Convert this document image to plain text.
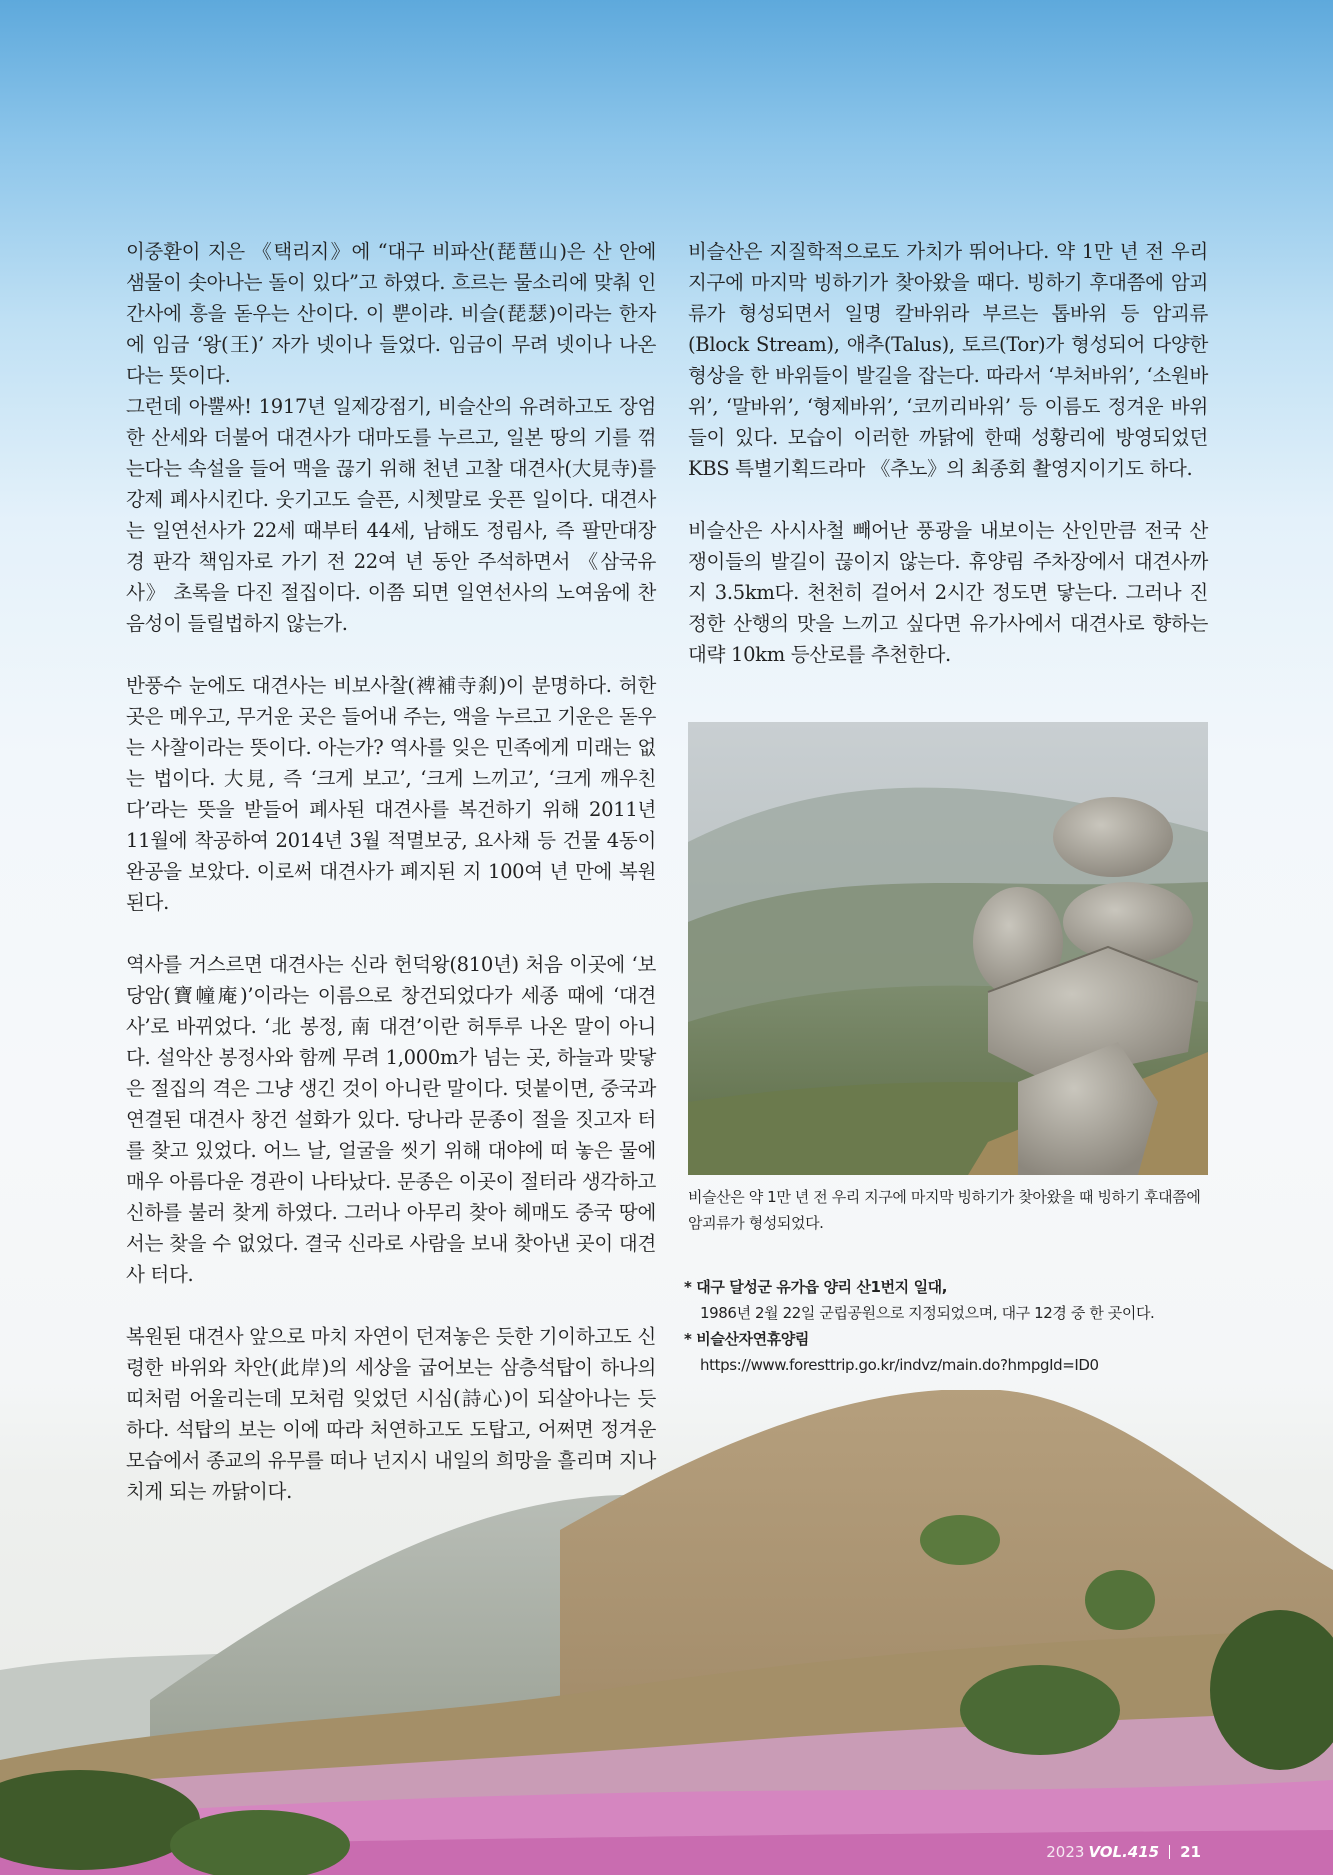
이중환이 지은 《택리지》에 “대구 비파산(琵琶山)은 산 안에 샘물이 솟아나는 돌이 있다”고 하였다. 흐르는 물소리에 맞춰 인간사에 흥을 돋우는 산이다. 이 뿐이랴. 비슬(琵瑟)이라는 한자에 임금 ‘왕(王)’ 자가 넷이나 들었다. 임금이 무려 넷이나 나온다는 뜻이다.

그런데 아뿔싸! 1917년 일제강점기, 비슬산의 유려하고도 장엄한 산세와 더불어 대견사가 대마도를 누르고, 일본 땅의 기를 꺾는다는 속설을 들어 맥을 끊기 위해 천년 고찰 대견사(大見寺)를 강제 폐사시킨다. 웃기고도 슬픈, 시쳇말로 웃픈 일이다. 대견사는 일연선사가 22세 때부터 44세, 남해도 정림사, 즉 팔만대장경 판각 책임자로 가기 전 22여 년 동안 주석하면서 《삼국유사》 초록을 다진 절집이다. 이쯤 되면 일연선사의 노여움에 찬 음성이 들릴법하지 않는가.

반풍수 눈에도 대견사는 비보사찰(裨補寺刹)이 분명하다. 허한 곳은 메우고, 무거운 곳은 들어내 주는, 액을 누르고 기운은 돋우는 사찰이라는 뜻이다. 아는가? 역사를 잊은 민족에게 미래는 없는 법이다. 大見, 즉 ‘크게 보고’, ‘크게 느끼고’, ‘크게 깨우친다’라는 뜻을 받들어 폐사된 대견사를 복건하기 위해 2011년 11월에 착공하여 2014년 3월 적멸보궁, 요사채 등 건물 4동이 완공을 보았다. 이로써 대견사가 폐지된 지 100여 년 만에 복원된다.

역사를 거스르면 대견사는 신라 헌덕왕(810년) 처음 이곳에 ‘보당암(寶幢庵)’이라는 이름으로 창건되었다가 세종 때에 ‘대견사’로 바뀌었다. ‘北 봉정, 南 대견’이란 허투루 나온 말이 아니다. 설악산 봉정사와 함께 무려 1,000m가 넘는 곳, 하늘과 맞닿은 절집의 격은 그냥 생긴 것이 아니란 말이다. 덧붙이면, 중국과 연결된 대견사 창건 설화가 있다. 당나라 문종이 절을 짓고자 터를 찾고 있었다. 어느 날, 얼굴을 씻기 위해 대야에 떠 놓은 물에 매우 아름다운 경관이 나타났다. 문종은 이곳이 절터라 생각하고 신하를 불러 찾게 하였다. 그러나 아무리 찾아 헤매도 중국 땅에서는 찾을 수 없었다. 결국 신라로 사람을 보내 찾아낸 곳이 대견사 터다.

복원된 대견사 앞으로 마치 자연이 던져놓은 듯한 기이하고도 신령한 바위와 차안(此岸)의 세상을 굽어보는 삼층석탑이 하나의 띠처럼 어울리는데 모처럼 잊었던 시심(詩心)이 되살아나는 듯하다. 석탑의 보는 이에 따라 처연하고도 도탑고, 어쩌면 정겨운 모습에서 종교의 유무를 떠나 넌지시 내일의 희망을 흘리며 지나치게 되는 까닭이다.

비슬산은 지질학적으로도 가치가 뛰어나다. 약 1만 년 전 우리 지구에 마지막 빙하기가 찾아왔을 때다. 빙하기 후대쯤에 암괴류가 형성되면서 일명 칼바위라 부르는 톱바위 등 암괴류(Block Stream), 애추(Talus), 토르(Tor)가 형성되어 다양한 형상을 한 바위들이 발길을 잡는다. 따라서 ‘부처바위’, ‘소원바위’, ‘말바위’, ‘형제바위’, ‘코끼리바위’ 등 이름도 정겨운 바위들이 있다. 모습이 이러한 까닭에 한때 성황리에 방영되었던 KBS 특별기획드라마 《추노》의 최종회 촬영지이기도 하다.

비슬산은 사시사철 빼어난 풍광을 내보이는 산인만큼 전국 산쟁이들의 발길이 끊이지 않는다. 휴양림 주차장에서 대견사까지 3.5km다. 천천히 걸어서 2시간 정도면 닿는다. 그러나 진정한 산행의 맛을 느끼고 싶다면 유가사에서 대견사로 향하는 대략 10km 등산로를 추천한다.

비슬산은 약 1만 년 전 우리 지구에 마지막 빙하기가 찾아왔을 때 빙하기 후대쯤에
암괴류가 형성되었다.
* 대구 달성군 유가읍 양리 산1번지 일대,
1986년 2월 22일 군립공원으로 지정되었으며, 대구 12경 중 한 곳이다.
* 비슬산자연휴양림
https://www.foresttrip.go.kr/indvz/main.do?hmpgId=ID0
2023 VOL.415 21
